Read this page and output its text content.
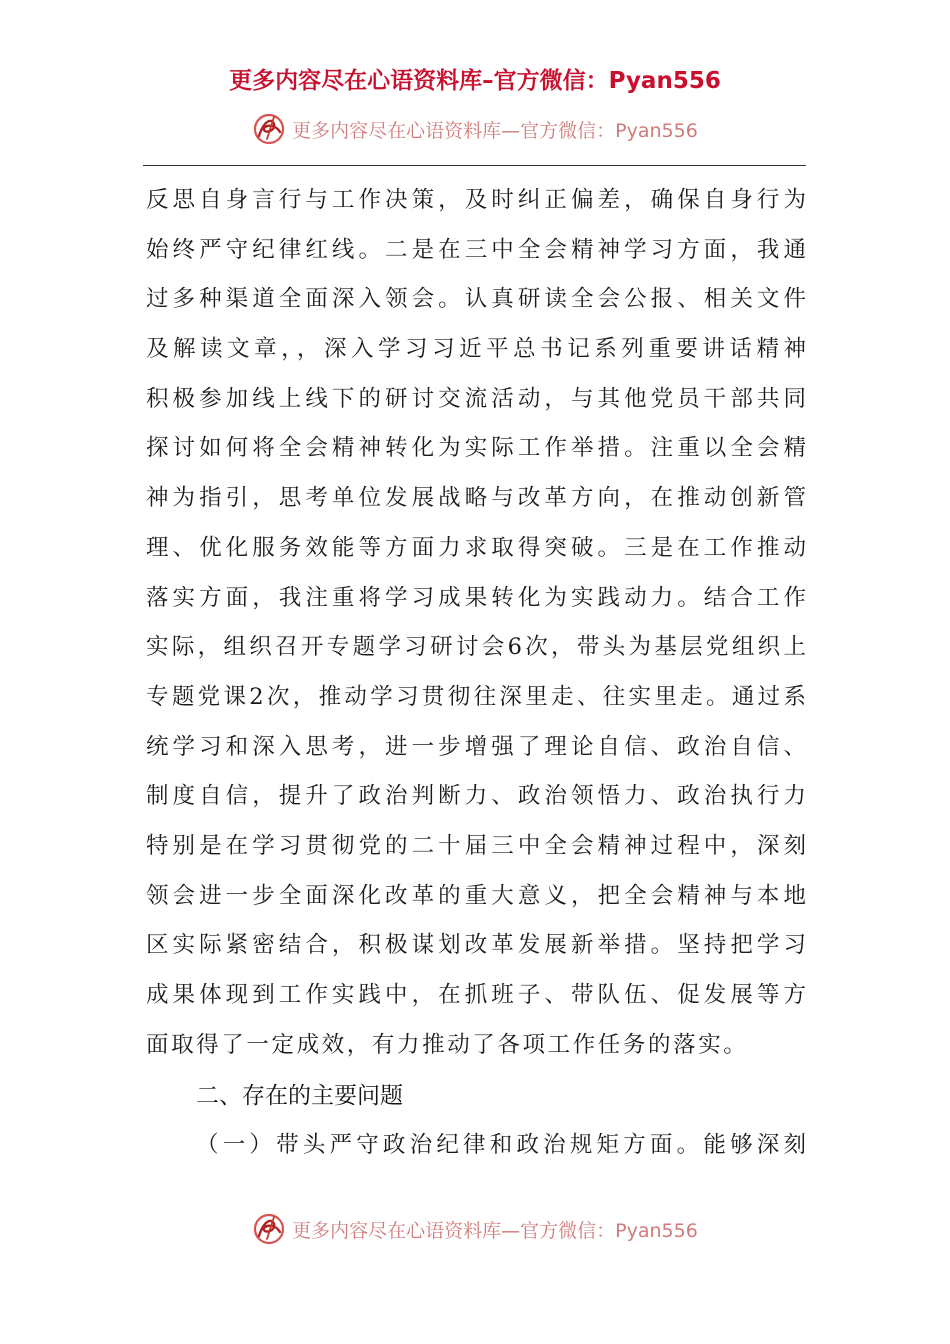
更多内容尽在心语资料库–官方微信：Pyan556
更多内容尽在心语资料库—官方微信：Pyan556
反思自身言行与工作决策，及时纠正偏差，确保自身行为
始终严守纪律红线。二是在三中全会精神学习方面，我通
过多种渠道全面深入领会。认真研读全会公报、相关文件
及解读文章，，深入学习习近平总书记系列重要讲话精神
积极参加线上线下的研讨交流活动，与其他党员干部共同
探讨如何将全会精神转化为实际工作举措。注重以全会精
神为指引，思考单位发展战略与改革方向，在推动创新管
理、优化服务效能等方面力求取得突破。三是在工作推动
落实方面，我注重将学习成果转化为实践动力。结合工作
实际，组织召开专题学习研讨会6次，带头为基层党组织上
专题党课2次，推动学习贯彻往深里走、往实里走。通过系
统学习和深入思考，进一步增强了理论自信、政治自信、
制度自信，提升了政治判断力、政治领悟力、政治执行力
特别是在学习贯彻党的二十届三中全会精神过程中，深刻
领会进一步全面深化改革的重大意义，把全会精神与本地
区实际紧密结合，积极谋划改革发展新举措。坚持把学习
成果体现到工作实践中，在抓班子、带队伍、促发展等方
面取得了一定成效，有力推动了各项工作任务的落实。
二、存在的主要问题
（一）带头严守政治纪律和政治规矩方面。能够深刻
更多内容尽在心语资料库—官方微信：Pyan556
